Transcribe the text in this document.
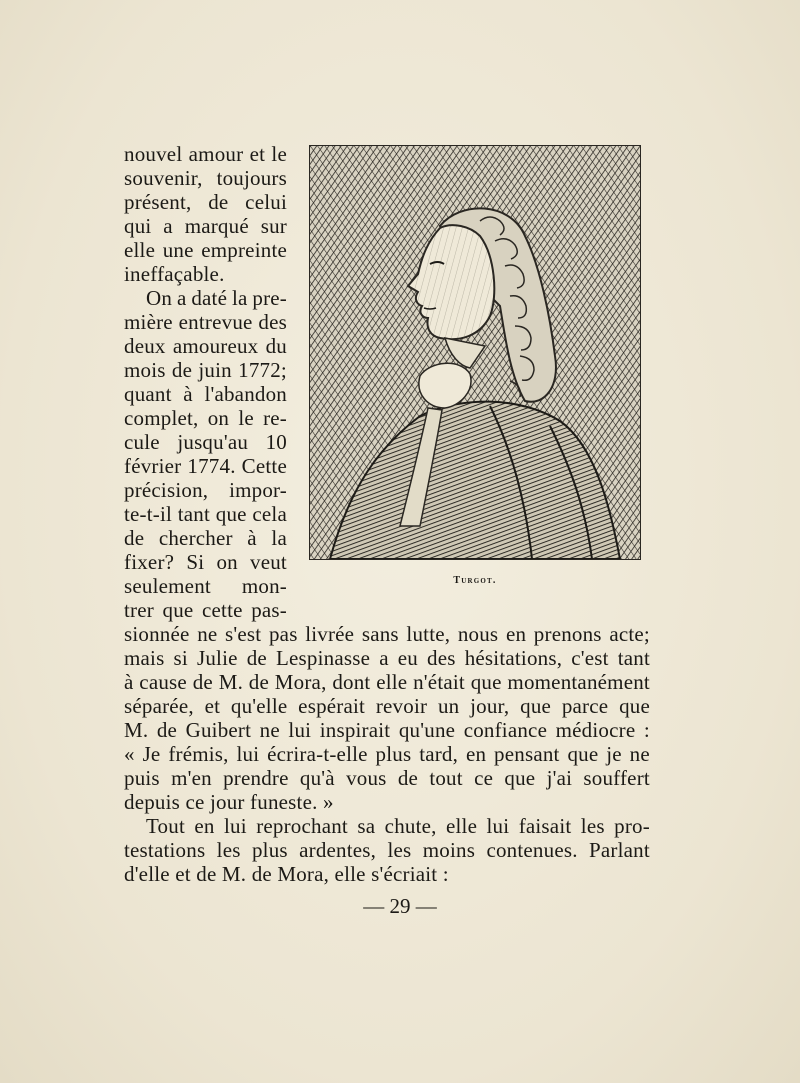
nouvel amour et le
souvenir, toujours
présent, de celui
qui a marqué sur
elle une empreinte
ineffaçable.
On a daté la pre-
mière entrevue des
deux amoureux du
mois de juin 1772;
quant à l'abandon
complet, on le re-
cule jusqu'au 10
février 1774. Cette
précision, impor-
te-t-il tant que cela
de chercher à la
fixer? Si on veut
seulement mon-
trer que cette pas-
Turgot.
sionnée ne s'est pas livrée sans lutte, nous en prenons acte;
mais si Julie de Lespinasse a eu des hésitations, c'est tant
à cause de M. de Mora, dont elle n'était que momentanément
séparée, et qu'elle espérait revoir un jour, que parce que
M. de Guibert ne lui inspirait qu'une confiance médiocre :
« Je frémis, lui écrira-t-elle plus tard, en pensant que je ne
puis m'en prendre qu'à vous de tout ce que j'ai souffert
depuis ce jour funeste. »
Tout en lui reprochant sa chute, elle lui faisait les pro-
testations les plus ardentes, les moins contenues. Parlant
d'elle et de M. de Mora, elle s'écriait :
— 29 —
